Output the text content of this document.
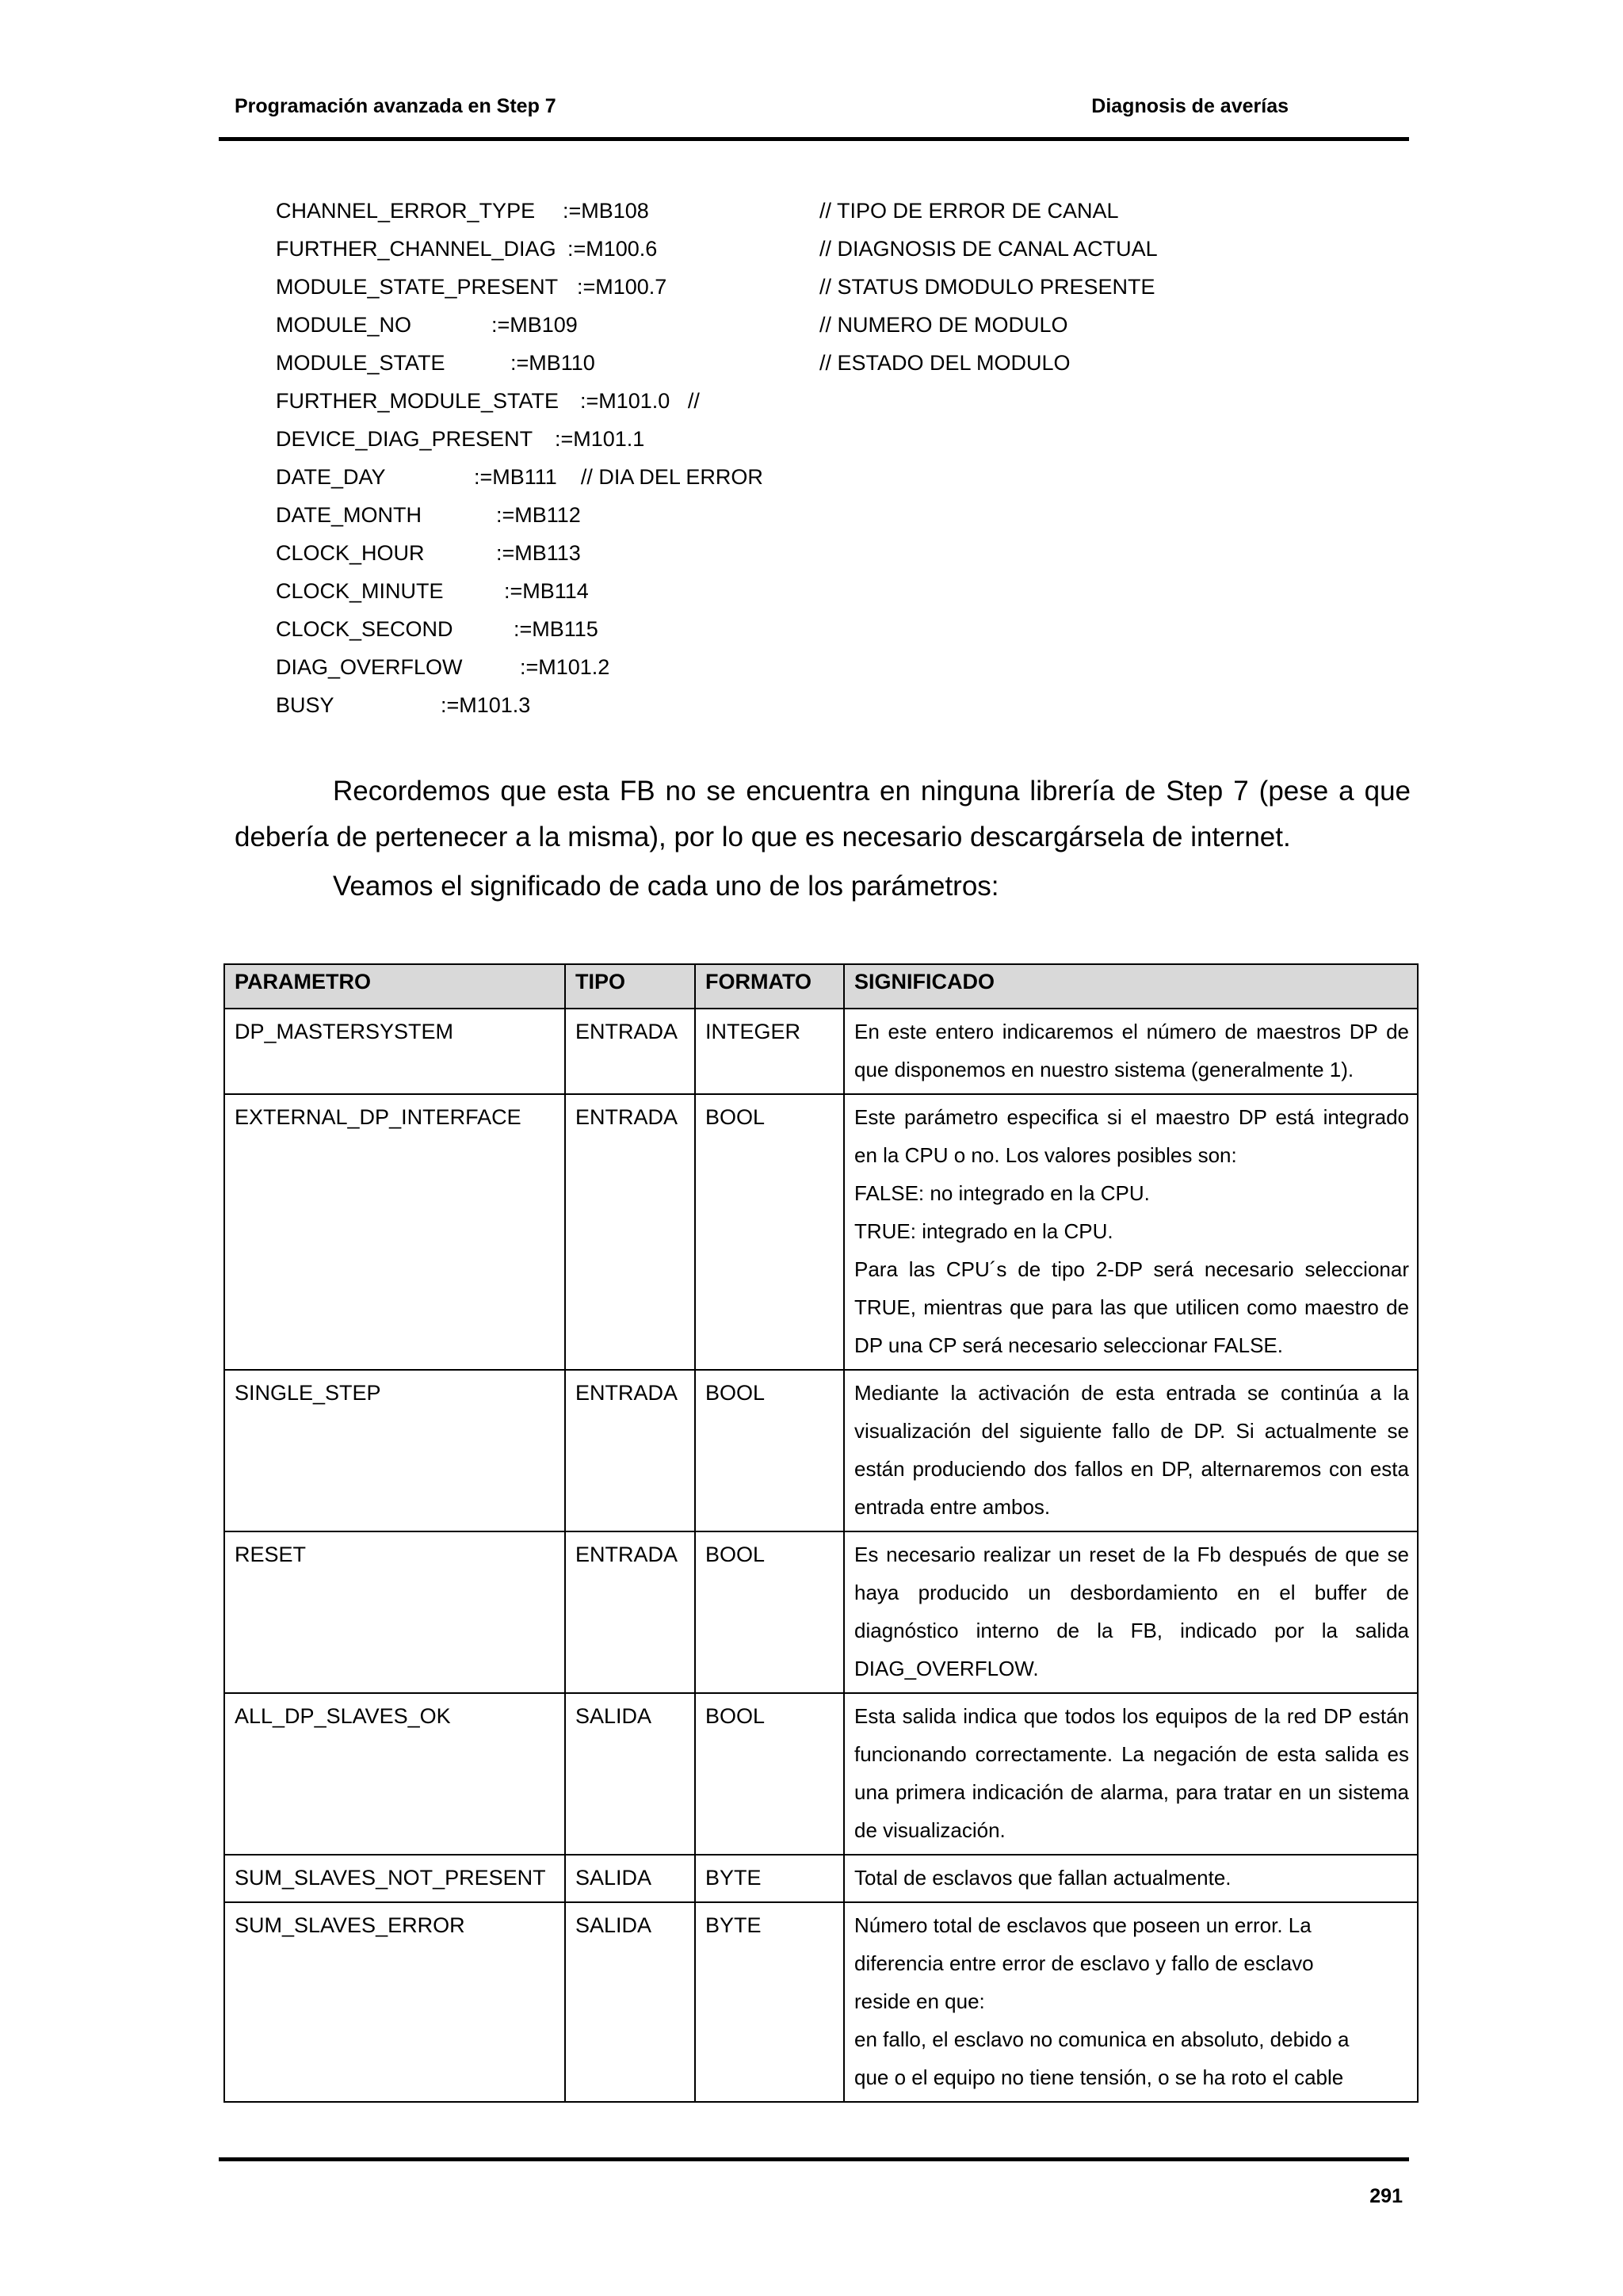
Programación avanzada en Step 7	Diagnosis de averías
CHANNEL_ERROR_TYPE :=MB108	// TIPO DE ERROR DE CANAL
FURTHER_CHANNEL_DIAG :=M100.6	// DIAGNOSIS DE CANAL ACTUAL
MODULE_STATE_PRESENT :=M100.7	// STATUS DMODULO PRESENTE
MODULE_NO	:=MB109	// NUMERO DE MODULO
MODULE_STATE	:=MB110	// ESTADO DEL MODULO
FURTHER_MODULE_STATE :=M101.0   //
DEVICE_DIAG_PRESENT :=M101.1
DATE_DAY	:=MB111    // DIA DEL ERROR
DATE_MONTH	:=MB112
CLOCK_HOUR	:=MB113
CLOCK_MINUTE	:=MB114
CLOCK_SECOND	:=MB115
DIAG_OVERFLOW	:=M101.2
BUSY	:=M101.3

Recordemos que esta FB no se encuentra en ninguna librería de Step 7 (pese a que debería de pertenecer a la misma), por lo que es necesario descargársela de internet.

Veamos el significado de cada uno de los parámetros:

PARAMETRO	TIPO	FORMATO	SIGNIFICADO
DP_MASTERSYSTEM	ENTRADA	INTEGER	En este entero indicaremos el número de maestros DP de que disponemos en nuestro sistema (generalmente 1).

EXTERNAL_DP_INTERFACE	ENTRADA	BOOL	Este parámetro especifica si el maestro DP está integrado en la CPU o no. Los valores posibles son:
FALSE: no integrado en la CPU.
TRUE: integrado en la CPU.
Para las CPU´s de tipo 2-DP será necesario seleccionar TRUE, mientras que para las que utilicen como maestro de DP una CP será necesario seleccionar FALSE.

SINGLE_STEP	ENTRADA	BOOL	Mediante la activación de esta entrada se continúa a la visualización del siguiente fallo de DP. Si actualmente se están produciendo dos fallos en DP, alternaremos con esta entrada entre ambos.

RESET	ENTRADA	BOOL	Es necesario realizar un reset de la Fb después de que se haya producido un desbordamiento en el buffer de diagnóstico interno de la FB, indicado por la salida DIAG_OVERFLOW.

ALL_DP_SLAVES_OK	SALIDA	BOOL	Esta salida indica que todos los equipos de la red DP están funcionando correctamente. La negación de esta salida es una primera indicación de alarma, para tratar en un sistema de visualización.

SUM_SLAVES_NOT_PRESENT	SALIDA	BYTE	Total de esclavos que fallan actualmente.

SUM_SLAVES_ERROR	SALIDA	BYTE	Número total de esclavos que poseen un error. La
diferencia entre error de esclavo y fallo de esclavo
reside en que:
en fallo, el esclavo no comunica en absoluto, debido a
que o el equipo no tiene tensión, o se ha roto el cable
291
